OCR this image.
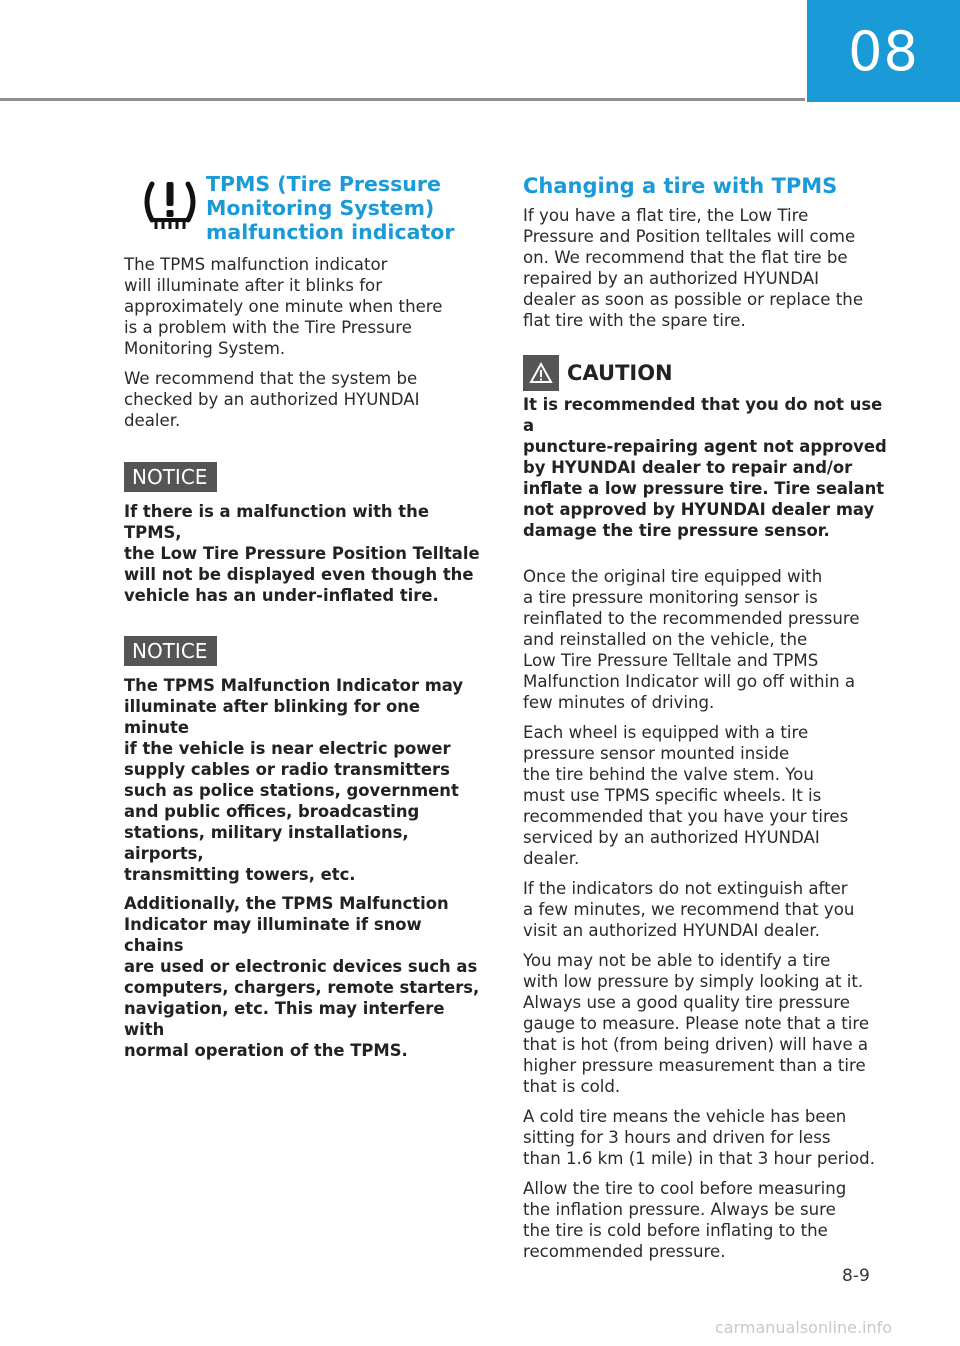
08
TPMS (Tire Pressure
Monitoring System)
malfunction indicator

The TPMS malfunction indicator
will illuminate after it blinks for
approximately one minute when there
is a problem with the Tire Pressure
Monitoring System.

We recommend that the system be
checked by an authorized HYUNDAI
dealer.

NOTICE

If there is a malfunction with the TPMS,
the Low Tire Pressure Position Telltale
will not be displayed even though the
vehicle has an under-inflated tire.

NOTICE

The TPMS Malfunction Indicator may
illuminate after blinking for one minute
if the vehicle is near electric power
supply cables or radio transmitters
such as police stations, government
and public offices, broadcasting
stations, military installations, airports,
transmitting towers, etc.

Additionally, the TPMS Malfunction
Indicator may illuminate if snow chains
are used or electronic devices such as
computers, chargers, remote starters,
navigation, etc. This may interfere with
normal operation of the TPMS.

Changing a tire with TPMS

If you have a flat tire, the Low Tire
Pressure and Position telltales will come
on. We recommend that the flat tire be
repaired by an authorized HYUNDAI
dealer as soon as possible or replace the
flat tire with the spare tire.

CAUTION

It is recommended that you do not use a
puncture-repairing agent not approved
by HYUNDAI dealer to repair and/or
inflate a low pressure tire. Tire sealant
not approved by HYUNDAI dealer may
damage the tire pressure sensor.

Once the original tire equipped with
a tire pressure monitoring sensor is
reinflated to the recommended pressure
and reinstalled on the vehicle, the
Low Tire Pressure Telltale and TPMS
Malfunction Indicator will go off within a
few minutes of driving.

Each wheel is equipped with a tire
pressure sensor mounted inside
the tire behind the valve stem. You
must use TPMS specific wheels. It is
recommended that you have your tires
serviced by an authorized HYUNDAI
dealer.

If the indicators do not extinguish after
a few minutes, we recommend that you
visit an authorized HYUNDAI dealer.

You may not be able to identify a tire
with low pressure by simply looking at it.
Always use a good quality tire pressure
gauge to measure. Please note that a tire
that is hot (from being driven) will have a
higher pressure measurement than a tire
that is cold.

A cold tire means the vehicle has been
sitting for 3 hours and driven for less
than 1.6 km (1 mile) in that 3 hour period.

Allow the tire to cool before measuring
the inflation pressure. Always be sure
the tire is cold before inflating to the
recommended pressure.

8-9
carmanualsonline.info
